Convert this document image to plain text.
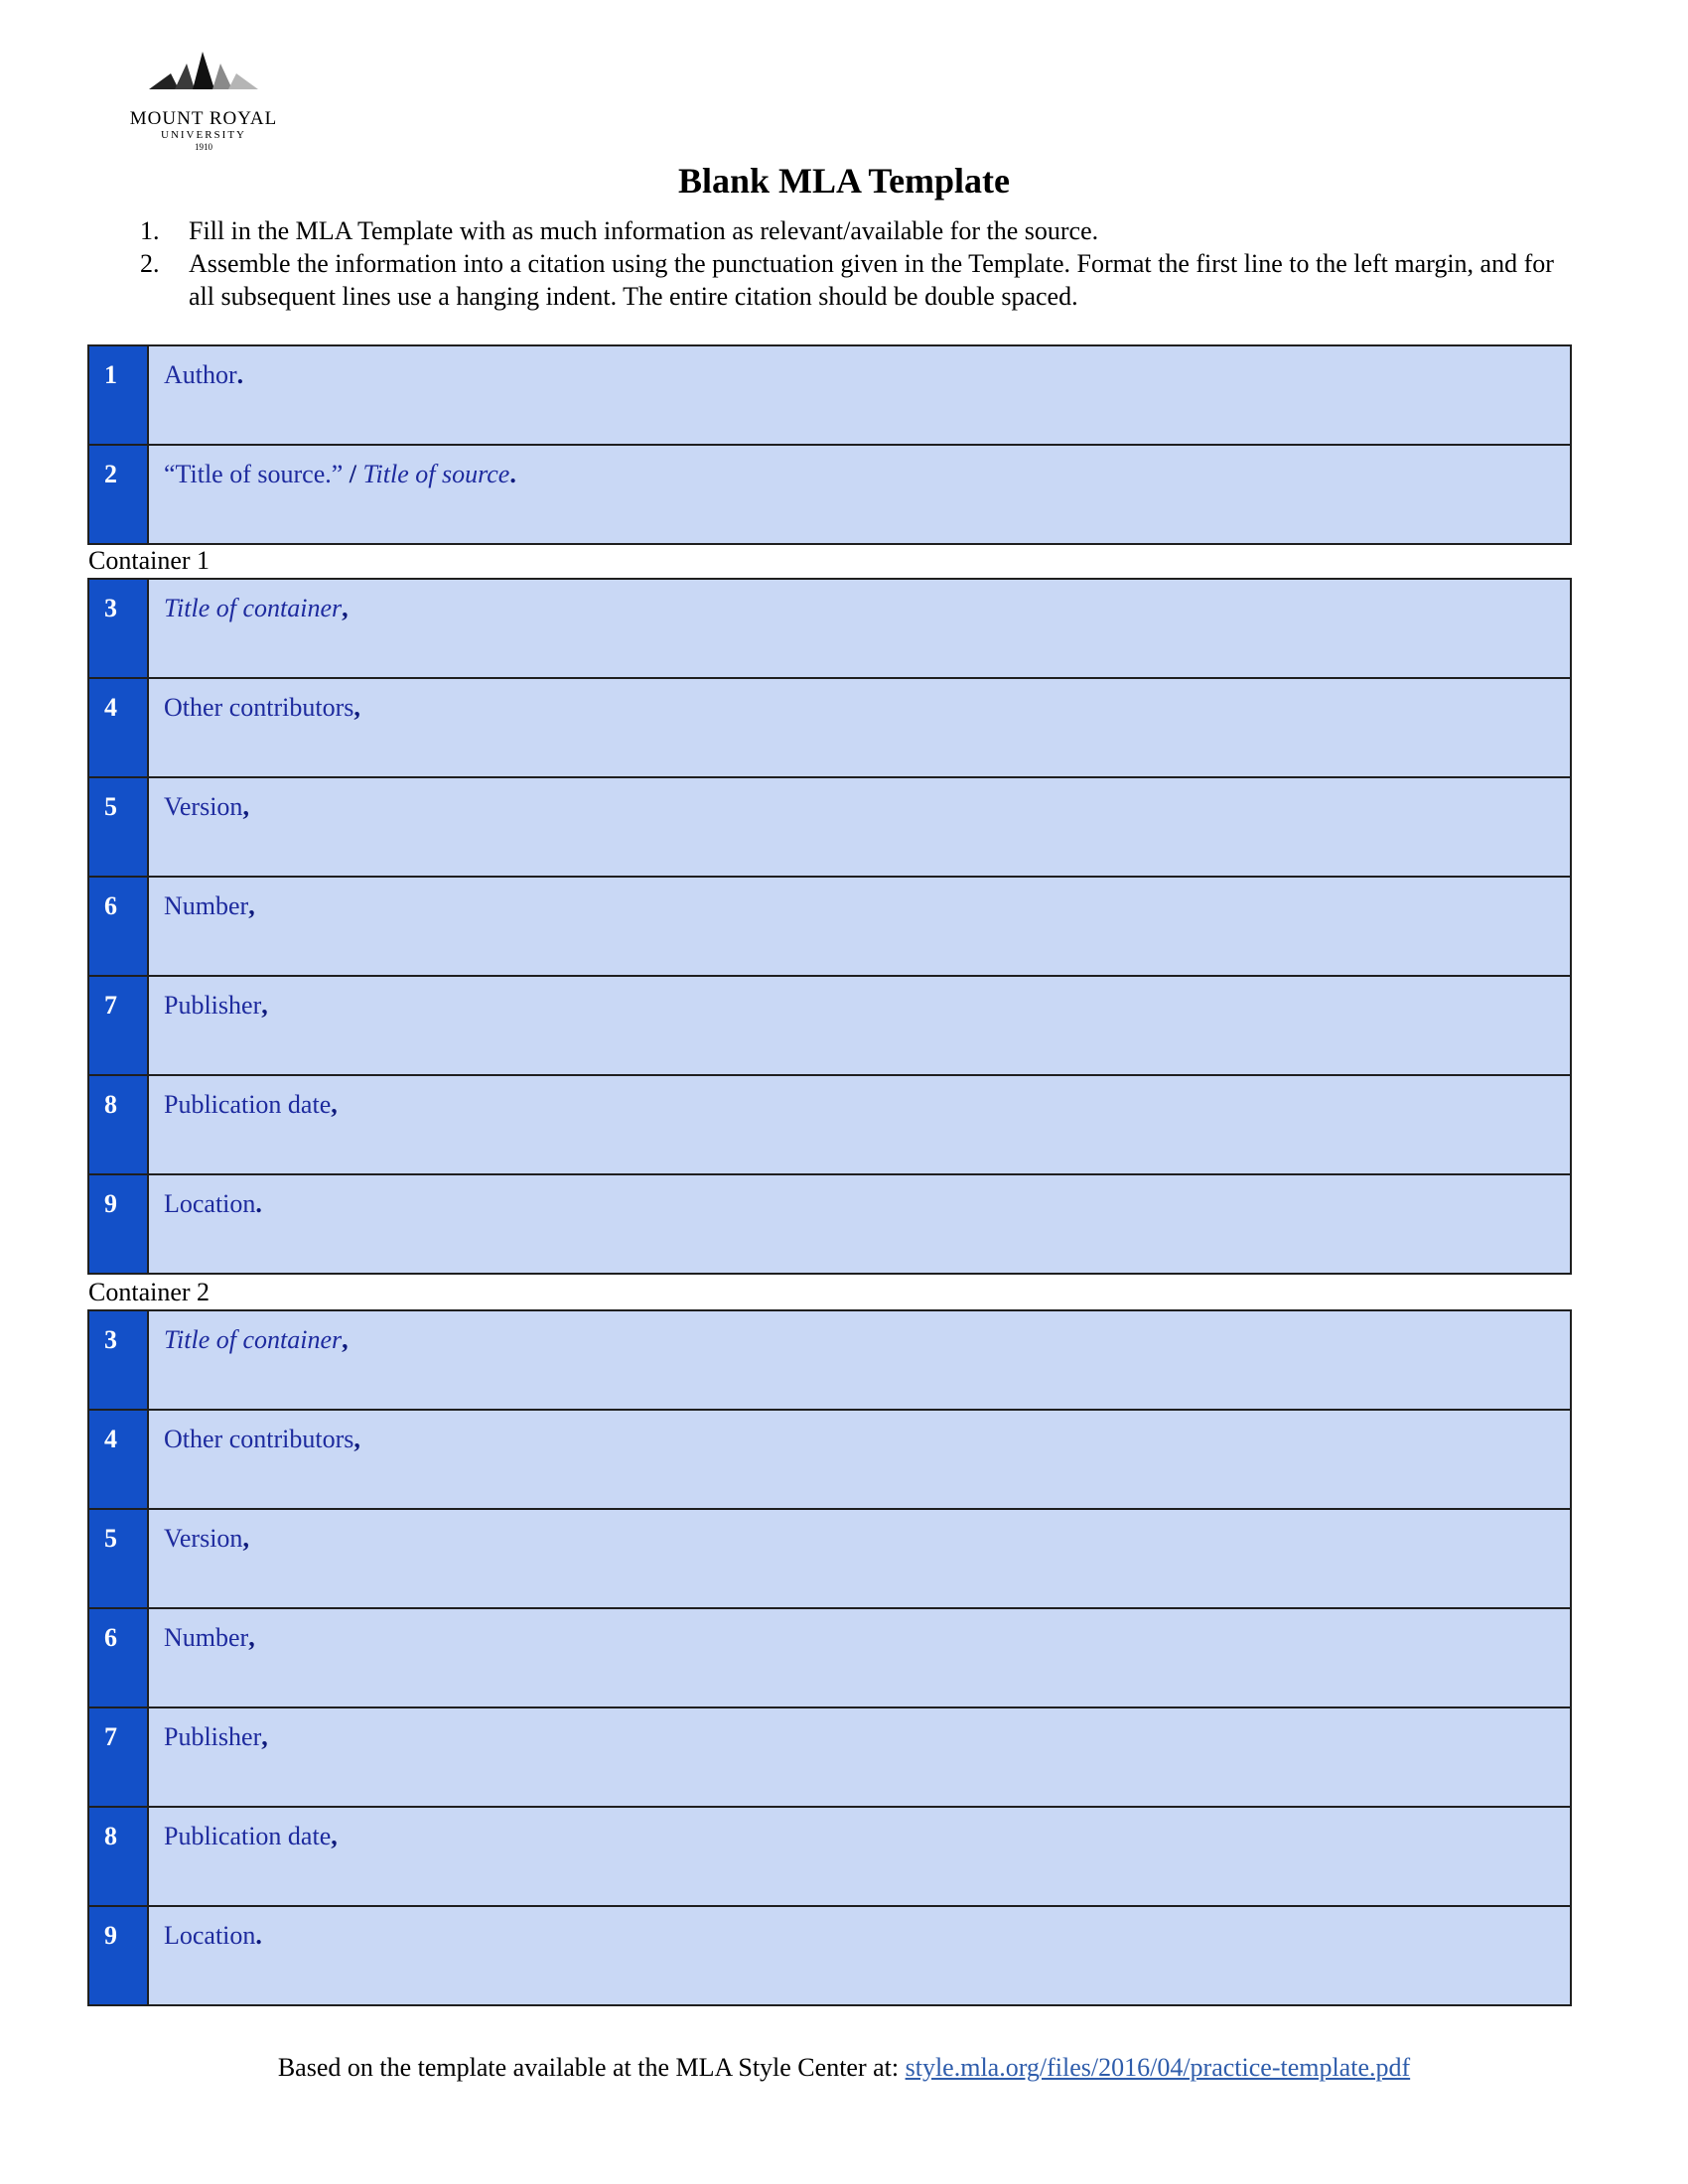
MOUNT ROYAL
UNIVERSITY
1910
Blank MLA Template
1. Fill in the MLA Template with as much information as relevant/available for the source.
2. Assemble the information into a citation using the punctuation given in the Template. Format the first line to the left margin, and for all subsequent lines use a hanging indent. The entire citation should be double spaced.
1	Author.
2	“Title of source.” / Title of source.
Container 1
3	Title of container,
4	Other contributors,
5	Version,
6	Number,
7	Publisher,
8	Publication date,
9	Location.
Container 2
3	Title of container,
4	Other contributors,
5	Version,
6	Number,
7	Publisher,
8	Publication date,
9	Location.
Based on the template available at the MLA Style Center at: style.mla.org/files/2016/04/practice-template.pdf
